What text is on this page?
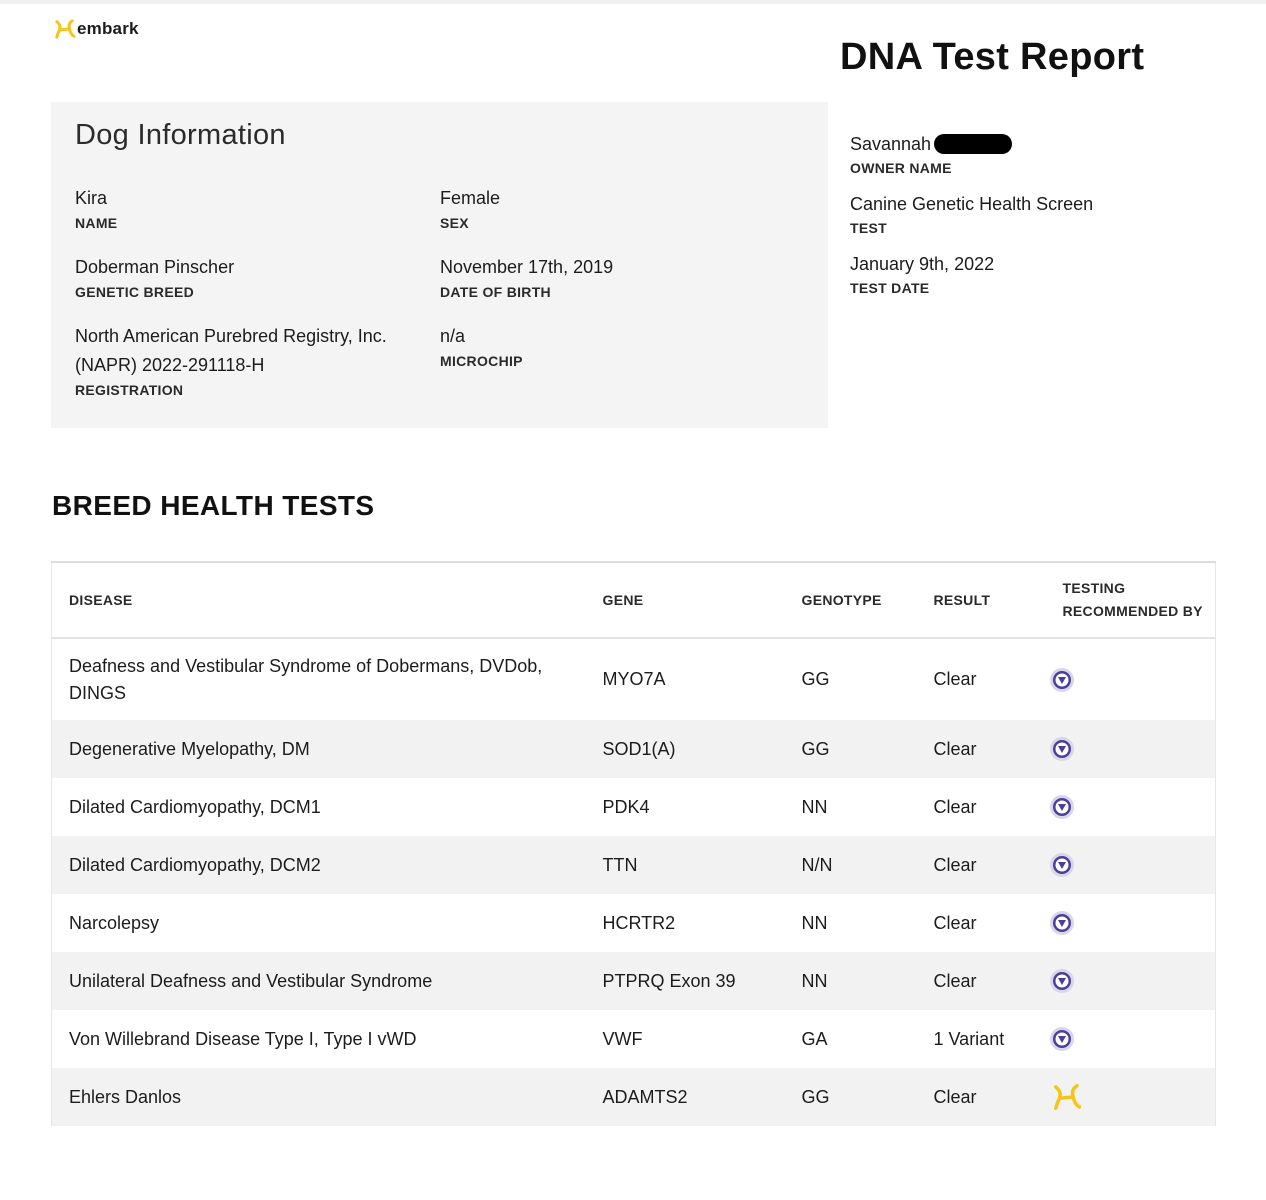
embark
DNA Test Report
Dog Information
Kira
NAME
Female
SEX
Doberman Pinscher
GENETIC BREED
November 17th, 2019
DATE OF BIRTH
North American Purebred Registry, Inc.
(NAPR) 2022-291118-H
REGISTRATION
n/a
MICROCHIP
Savannah
OWNER NAME
Canine Genetic Health Screen
TEST
January 9th, 2022
TEST DATE
BREED HEALTH TESTS
DISEASE	GENE	GENOTYPE	RESULT	TESTING
RECOMMENDED BY

Deafness and Vestibular Syndrome of Dobermans, DVDob,
DINGS	MYO7A	GG	Clear	

Degenerative Myelopathy, DM	SOD1(A)	GG	Clear	

Dilated Cardiomyopathy, DCM1	PDK4	NN	Clear	

Dilated Cardiomyopathy, DCM2	TTN	N/N	Clear	

Narcolepsy	HCRTR2	NN	Clear	

Unilateral Deafness and Vestibular Syndrome	PTPRQ Exon 39	NN	Clear	

Von Willebrand Disease Type I, Type I vWD	VWF	GA	1 Variant	

Ehlers Danlos	ADAMTS2	GG	Clear	
